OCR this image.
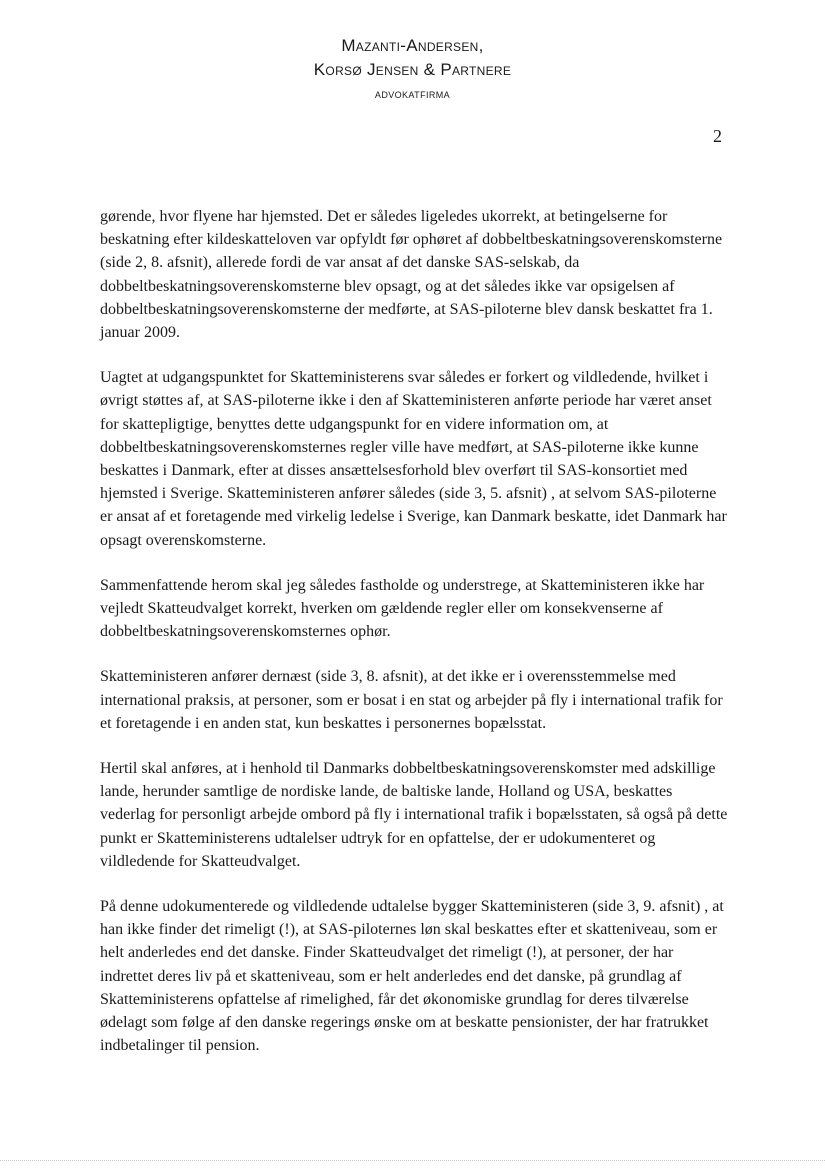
Mazanti-Andersen,
Korsø Jensen & Partnere
ADVOKATFIRMA
2

gørende, hvor flyene har hjemsted. Det er således ligeledes ukorrekt, at betingelserne for beskatning efter kildeskatteloven var opfyldt før ophøret af dobbeltbeskatningsoverenskomsterne (side 2, 8. afsnit), allerede fordi de var ansat af det danske SAS-selskab, da dobbeltbeskatningsoverenskomsterne blev opsagt, og at det således ikke var opsigelsen af dobbeltbeskatningsoverenskomsterne der medførte, at SAS-piloterne blev dansk beskattet fra 1. januar 2009.

Uagtet at udgangspunktet for Skatteministerens svar således er forkert og vildledende, hvilket i øvrigt støttes af, at SAS-piloterne ikke i den af Skatteministeren anførte periode har været anset for skattepligtige, benyttes dette udgangspunkt for en videre information om, at dobbeltbeskatningsoverenskomsternes regler ville have medført, at SAS-piloterne ikke kunne beskattes i Danmark, efter at disses ansættelsesforhold blev overført til SAS-konsortiet med hjemsted i Sverige. Skatteministeren anfører således (side 3, 5. afsnit) , at selvom SAS-piloterne er ansat af et foretagende med virkelig ledelse i Sverige, kan Danmark beskatte, idet Danmark har opsagt overenskomsterne.

Sammenfattende herom skal jeg således fastholde og understrege, at Skatteministeren ikke har vejledt Skatteudvalget korrekt, hverken om gældende regler eller om konsekvenserne af dobbeltbeskatningsoverenskomsternes ophør.

Skatteministeren anfører dernæst (side 3, 8. afsnit), at det ikke er i overensstemmelse med international praksis, at personer, som er bosat i en stat og arbejder på fly i international trafik for et foretagende i en anden stat, kun beskattes i personernes bopælsstat.

Hertil skal anføres, at i henhold til Danmarks dobbeltbeskatningsoverenskomster med adskillige lande, herunder samtlige de nordiske lande, de baltiske lande, Holland og USA, beskattes vederlag for personligt arbejde ombord på fly i international trafik i bopælsstaten, så også på dette punkt er Skatteministerens udtalelser udtryk for en opfattelse, der er udokumenteret og vildledende for Skatteudvalget.

På denne udokumenterede og vildledende udtalelse bygger Skatteministeren (side 3, 9. afsnit) , at han ikke finder det rimeligt (!), at SAS-piloternes løn skal beskattes efter et skatteniveau, som er helt anderledes end det danske. Finder Skatteudvalget det rimeligt (!), at personer, der har indrettet deres liv på et skatteniveau, som er helt anderledes end det danske, på grundlag af Skatteministerens opfattelse af rimelighed, får det økonomiske grundlag for deres tilværelse ødelagt som følge af den danske regerings ønske om at beskatte pensionister, der har fratrukket indbetalinger til pension.
